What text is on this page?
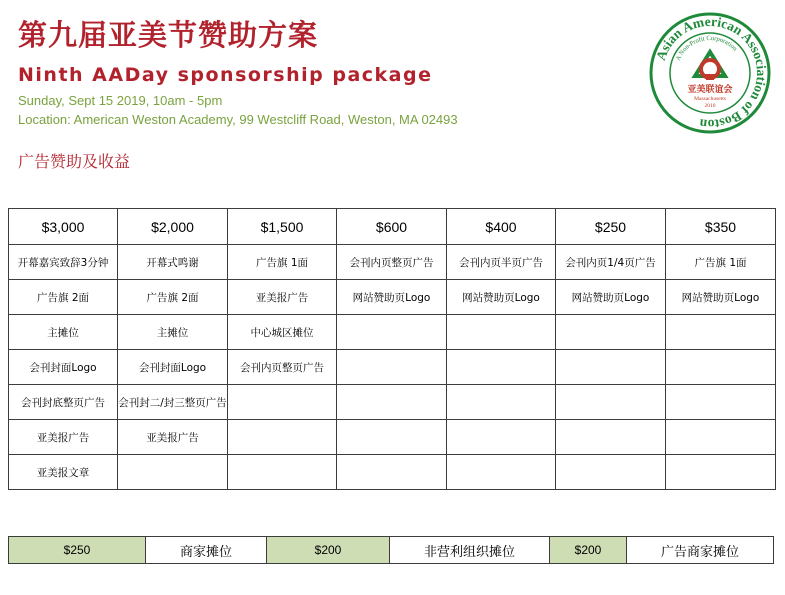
第九届亚美节赞助方案
Ninth AADay sponsorship package
Sunday, Sept 15 2019, 10am - 5pm
Location: American Weston Academy, 99 Westcliff Road, Weston, MA 02493
广告赞助及收益
Asian American Association of Boston
A Non-Profit Corporation
亚美联谊会
Massachusetts
2010
$3,000	$2,000	$1,500	$600	$400	$250	$350
开幕嘉宾致辞3分钟	开幕式鸣谢	广告旗 1面	会刊内页整页广告	会刊内页半页广告	会刊内页1/4页广告	广告旗 1面
广告旗 2面	广告旗 2面	亚美报广告	网站赞助页Logo	网站赞助页Logo	网站赞助页Logo	网站赞助页Logo
主摊位	主摊位	中心城区摊位				
会刊封面Logo	会刊封面Logo	会刊内页整页广告				
会刊封底整页广告	会刊封二/封三整页广告					
亚美报广告	亚美报广告					
亚美报文章						
$250	商家摊位	$200	非营利组织摊位	$200	广告商家摊位
